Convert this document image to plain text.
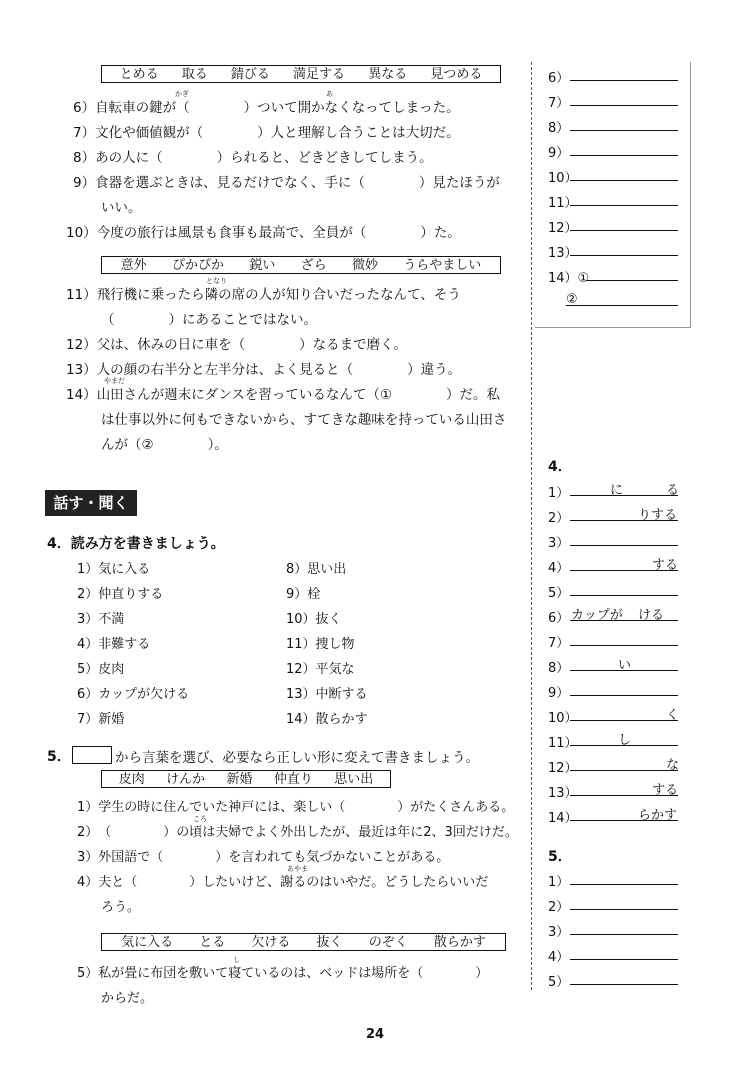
とめる 取る 錆びる 満足する 異なる 見つめる
かぎ	あ
6）自転車の鍵が（　　　　）ついて開かなくなってしまった。
7）文化や価値観が（　　　　）人と理解し合うことは大切だ。
8）あの人に（　　　　）られると、どきどきしてしまう。
9）食器を選ぶときは、見るだけでなく、手に（　　　　）見たほうが
いい。
10）今度の旅行は風景も食事も最高で、全員が（　　　　）た。
意外 ぴかぴか 鋭い ざら 微妙 うらやましい
となり
11）飛行機に乗ったら隣の席の人が知り合いだったなんて、そう
（　　　　）にあることではない。
12）父は、休みの日に車を（　　　　）なるまで磨く。
13）人の顔の右半分と左半分は、よく見ると（　　　　）違う。
やまだ
14）山田さんが週末にダンスを習っているなんて（①　　　　）だ。私
は仕事以外に何もできないから、すてきな趣味を持っている山田さ
んが（②　　　　）。
話す・聞く
4．読み方を書きましょう。
1）気に入る
2）仲直りする
3）不満
4）非難する
5）皮肉
6）カップが欠ける
7）新婚
8）思い出
9）栓
10）抜く
11）捜し物
12）平気な
13）中断する
14）散らかす
5．	から言葉を選び、必要なら正しい形に変えて書きましょう。
皮肉 けんか 新婚 仲直り 思い出
1）学生の時に住んでいた神戸には、楽しい（　　　　）がたくさんある。
ころ
2）（　　　　）の頃は夫婦でよく外出したが、最近は年に2、3回だけだ。
3）外国語で（　　　　）を言われても気づかないことがある。
あやま
4）夫と（　　　　）したいけど、謝るのはいやだ。どうしたらいいだ
ろう。
気に入る とる 欠ける 抜く のぞく 散らかす
し
5）私が畳に布団を敷いて寝ているのは、ベッドは場所を（　　　　）
からだ。
24
6）
7）
8）
9）
10）
11）
12）
13）
14）①
②
4．
1）	に	る
2）	りする
3）
4）	する
5）
6） カップが ける
7）
8）	い
9）
10）	く
11）	し
12）	な
13）	する
14）	らかす
5．
1）
2）
3）
4）
5）
